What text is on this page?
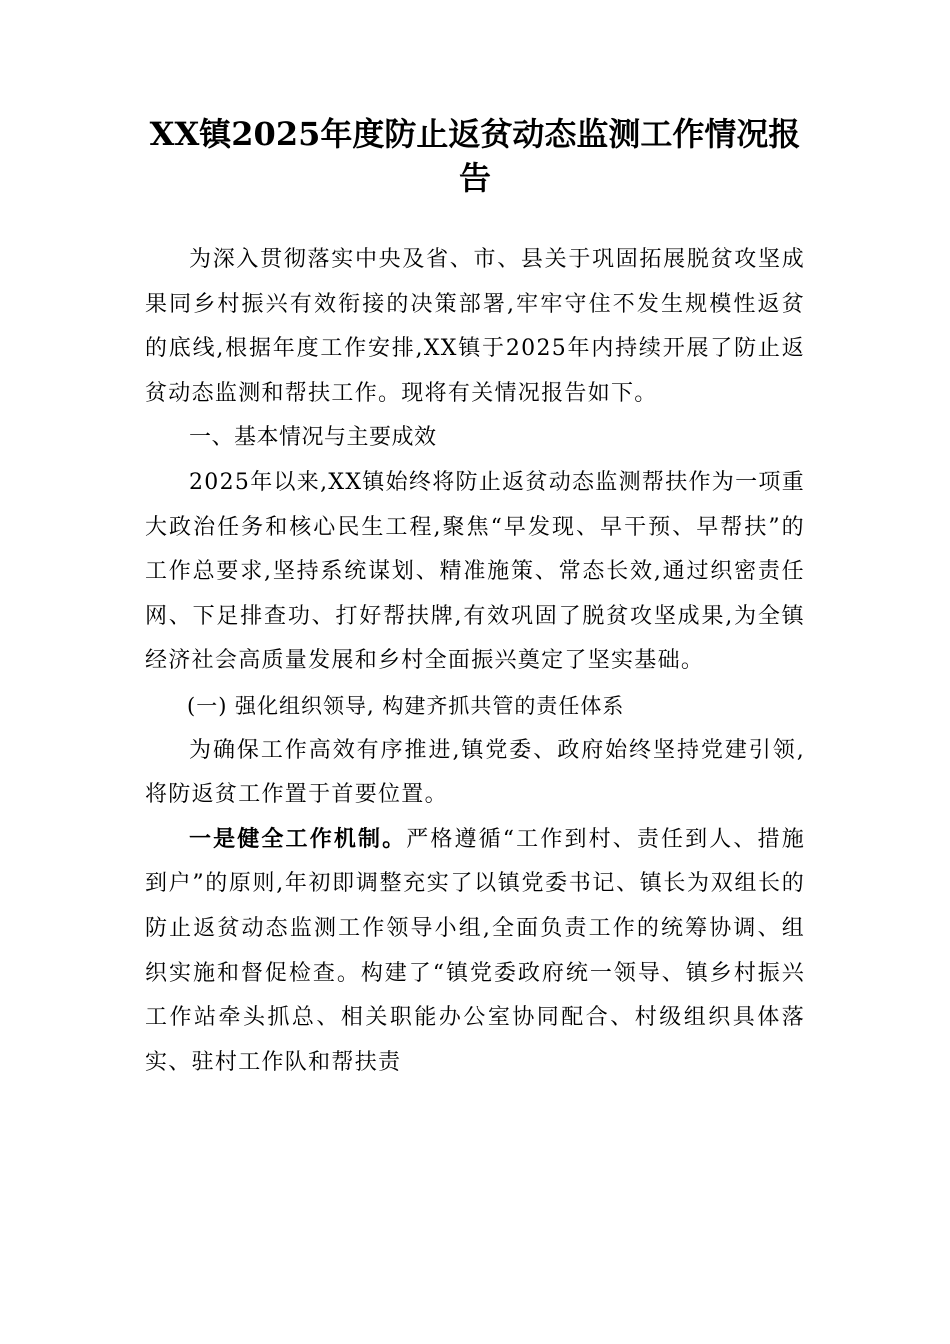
XX镇2025年度防止返贫动态监测工作情况报告

为深入贯彻落实中央及省、市、县关于巩固拓展脱贫攻坚成果同乡村振兴有效衔接的决策部署,牢牢守住不发生规模性返贫的底线,根据年度工作安排,XX镇于2025年内持续开展了防止返贫动态监测和帮扶工作。现将有关情况报告如下。

一、基本情况与主要成效

2025年以来,XX镇始终将防止返贫动态监测帮扶作为一项重大政治任务和核心民生工程,聚焦“早发现、早干预、早帮扶”的工作总要求,坚持系统谋划、精准施策、常态长效,通过织密责任网、下足排查功、打好帮扶牌,有效巩固了脱贫攻坚成果,为全镇经济社会高质量发展和乡村全面振兴奠定了坚实基础。

(一) 强化组织领导, 构建齐抓共管的责任体系

为确保工作高效有序推进,镇党委、政府始终坚持党建引领,将防返贫工作置于首要位置。

一是健全工作机制。严格遵循“工作到村、责任到人、措施到户”的原则,年初即调整充实了以镇党委书记、镇长为双组长的防止返贫动态监测工作领导小组,全面负责工作的统筹协调、组织实施和督促检查。构建了“镇党委政府统一领导、镇乡村振兴工作站牵头抓总、相关职能办公室协同配合、村级组织具体落实、驻村工作队和帮扶责
